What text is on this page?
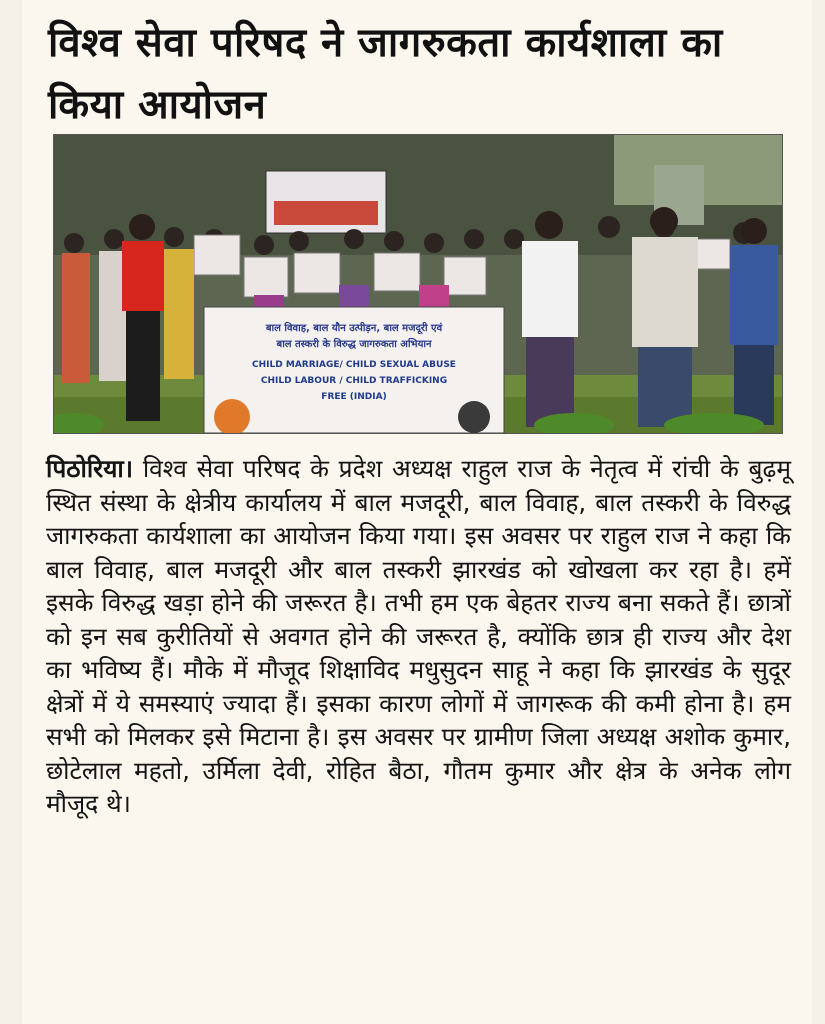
विश्व सेवा परिषद ने जागरुकता कार्यशाला का किया आयोजन
बाल विवाह, बाल यौन उत्पीड़न, बाल मजदूरी एवं
बाल तस्करी के विरुद्ध जागरुकता अभियान
CHILD MARRIAGE/ CHILD SEXUAL ABUSE
CHILD LABOUR / CHILD TRAFFICKING
FREE (INDIA)

पिठोरिया। विश्व सेवा परिषद के प्रदेश अध्यक्ष राहुल राज के नेतृत्व में रांची के बुढ़मू स्थित संस्था के क्षेत्रीय कार्यालय में बाल मजदूरी, बाल विवाह, बाल तस्करी के विरुद्ध जागरुकता कार्यशाला का आयोजन किया गया। इस अवसर पर राहुल राज ने कहा कि बाल विवाह, बाल मजदूरी और बाल तस्करी झारखंड को खोखला कर रहा है। हमें इसके विरुद्ध खड़ा होने की जरूरत है। तभी हम एक बेहतर राज्य बना सकते हैं। छात्रों को इन सब कुरीतियों से अवगत होने की जरूरत है, क्योंकि छात्र ही राज्य और देश का भविष्य हैं। मौके में मौजूद शिक्षाविद मधुसुदन साहू ने कहा कि झारखंड के सुदूर क्षेत्रों में ये समस्याएं ज्यादा हैं। इसका कारण लोगों में जागरूक की कमी होना है। हम सभी को मिलकर इसे मिटाना है। इस अवसर पर ग्रामीण जिला अध्यक्ष अशोक कुमार, छोटेलाल महतो, उर्मिला देवी, रोहित बैठा, गौतम कुमार और क्षेत्र के अनेक लोग मौजूद थे।
